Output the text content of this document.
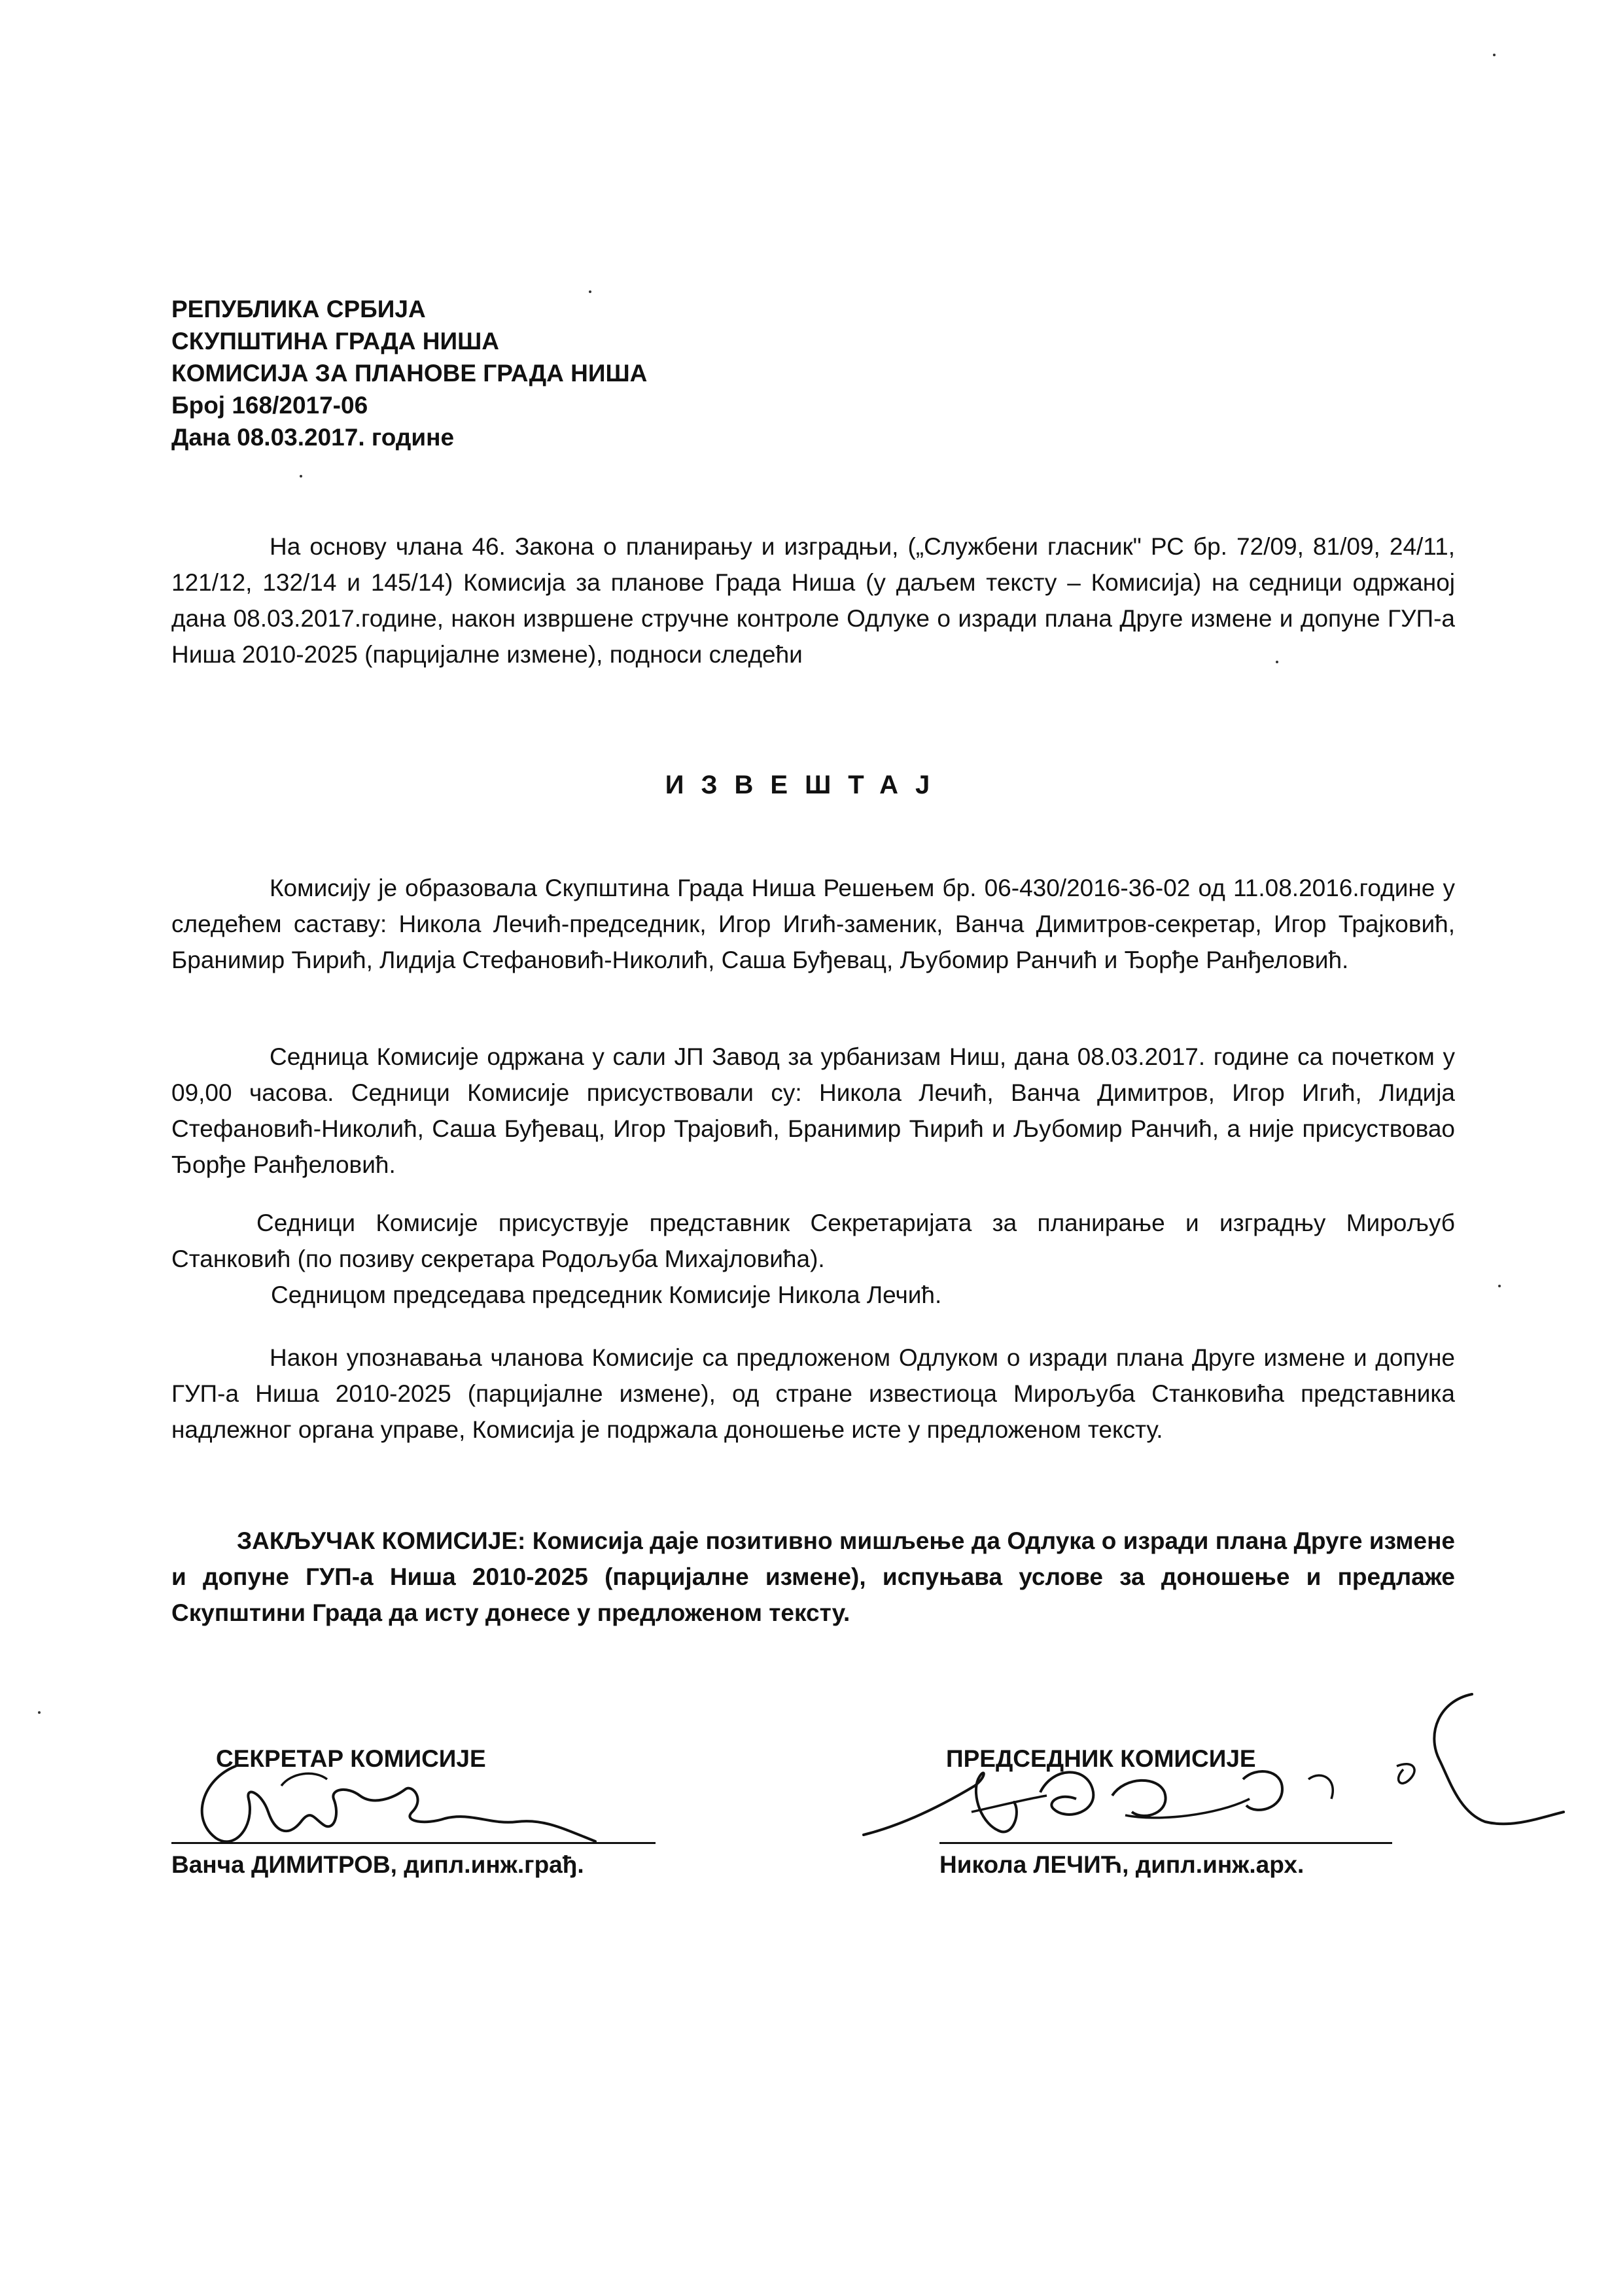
РЕПУБЛИКА СРБИЈА
СКУПШТИНА ГРАДА НИША
КОМИСИЈА ЗА ПЛАНОВЕ ГРАДА НИША
Број 168/2017-06
Дана 08.03.2017. године

На основу члана 46. Закона о планирању и изградњи, („Службени гласник" РС бр. 72/09, 81/09, 24/11, 121/12, 132/14 и 145/14) Комисија за планове Града Ниша (у даљем тексту – Комисија) на седници одржаној дана 08.03.2017.године, након извршене стручне контроле Одлуке о изради плана Друге измене и допуне ГУП-а Ниша 2010-2025 (парцијалне измене), подноси следећи

ИЗВЕШТАЈ

Комисију је образовала Скупштина Града Ниша Решењем бр. 06-430/2016-36-02 од 11.08.2016.године у следећем саставу: Никола Лечић-председник, Игор Игић-заменик, Ванча Димитров-секретар, Игор Трајковић, Бранимир Ћирић, Лидија Стефановић-Николић, Саша Буђевац, Љубомир Ранчић и Ђорђе Ранђеловић.

Седница Комисије одржана у сали ЈП Завод за урбанизам Ниш, дана 08.03.2017. године са почетком у 09,00 часова. Седници Комисије присуствовали су: Никола Лечић, Ванча Димитров, Игор Игић, Лидија Стефановић-Николић, Саша Буђевац, Игор Трајовић, Бранимир Ћирић и Љубомир Ранчић, а није присуствовао Ђорђе Ранђеловић.

Седници Комисије присуствује представник Секретаријата за планирање и изградњу Мирољуб Станковић (по позиву секретара Родољуба Михајловића).

Седницом председава председник Комисије Никола Лечић.

Након упознавања чланова Комисије са предложеном Одлуком о изради плана Друге измене и допуне ГУП-а Ниша 2010-2025 (парцијалне измене), од стране известиоца Мирољуба Станковића представника надлежног органа управе, Комисија је подржала доношење исте у предложеном тексту.

ЗАКЉУЧАК КОМИСИЈЕ: Комисија даје позитивно мишљење да Одлука о изради плана Друге измене и допуне ГУП-а Ниша 2010-2025 (парцијалне измене), испуњава услове за доношење и предлаже Скупштини Града да исту донесе у предложеном тексту.

СЕКРЕТАР КОМИСИЈЕ
Ванча ДИМИТРОВ, дипл.инж.грађ.
ПРЕДСЕДНИК КОМИСИЈЕ
Никола ЛЕЧИЋ, дипл.инж.арх.
